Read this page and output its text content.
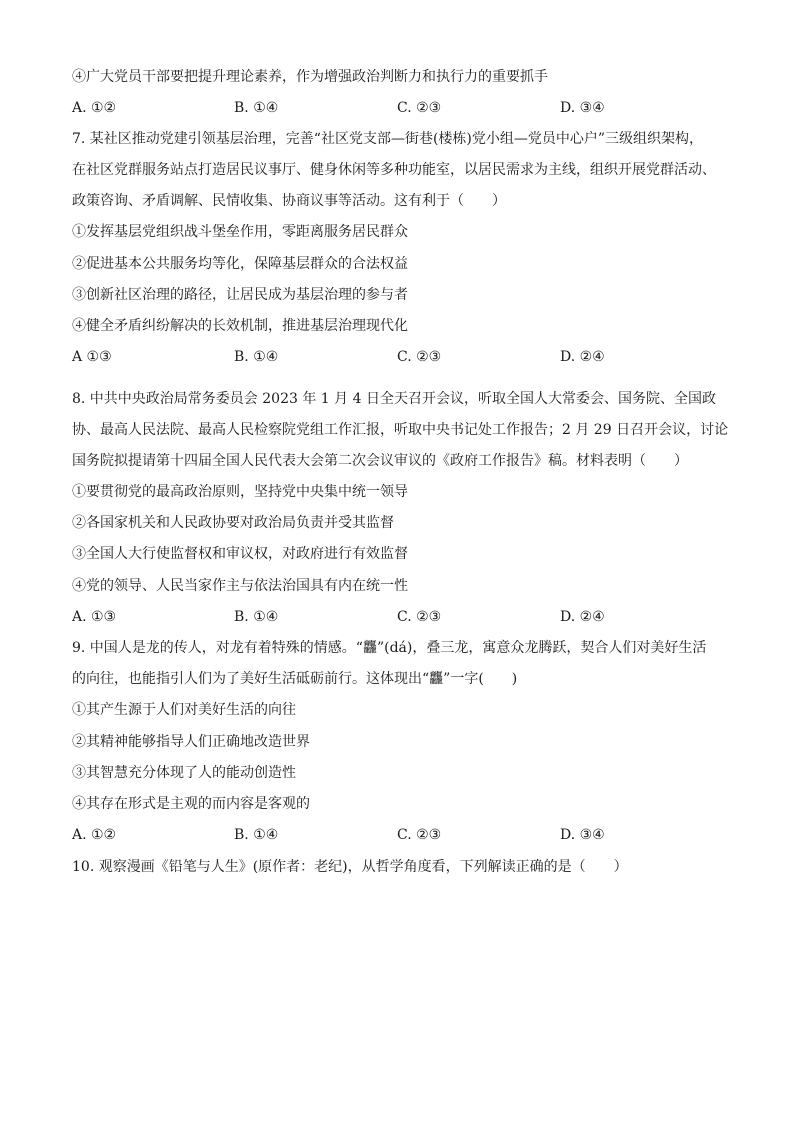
④广大党员干部要把提升理论素养，作为增强政治判断力和执行力的重要抓手
A. ①②	B. ①④	C. ②③	D. ③④
7. 某社区推动党建引领基层治理，完善“社区党支部—街巷(楼栋)党小组—党员中心户”三级组织架构，
在社区党群服务站点打造居民议事厅、健身休闲等多种功能室，以居民需求为主线，组织开展党群活动、
政策咨询、矛盾调解、民情收集、协商议事等活动。这有利于（　　）
①发挥基层党组织战斗堡垒作用，零距离服务居民群众
②促进基本公共服务均等化，保障基层群众的合法权益
③创新社区治理的路径，让居民成为基层治理的参与者
④健全矛盾纠纷解决的长效机制，推进基层治理现代化
A ①③	B. ①④	C. ②③	D. ②④
8. 中共中央政治局常务委员会 2023 年 1 月 4 日全天召开会议，听取全国人大常委会、国务院、全国政
协、最高人民法院、最高人民检察院党组工作汇报，听取中央书记处工作报告；2 月 29 日召开会议，讨论
国务院拟提请第十四届全国人民代表大会第二次会议审议的《政府工作报告》稿。材料表明（　　）
①要贯彻党的最高政治原则，坚持党中央集中统一领导
②各国家机关和人民政协要对政治局负责并受其监督
③全国人大行使监督权和审议权，对政府进行有效监督
④党的领导、人民当家作主与依法治国具有内在统一性
A. ①③	B. ①④	C. ②③	D. ②④
9. 中国人是龙的传人，对龙有着特殊的情感。“龘”(dá)，叠三龙，寓意众龙腾跃，契合人们对美好生活
的向往，也能指引人们为了美好生活砥砺前行。这体现出“龘”一字(　　)
①其产生源于人们对美好生活的向往
②其精神能够指导人们正确地改造世界
③其智慧充分体现了人的能动创造性
④其存在形式是主观的而内容是客观的
A. ①②	B. ①④	C. ②③	D. ③④
10. 观察漫画《铅笔与人生》(原作者：老纪)，从哲学角度看，下列解读正确的是（　　）
